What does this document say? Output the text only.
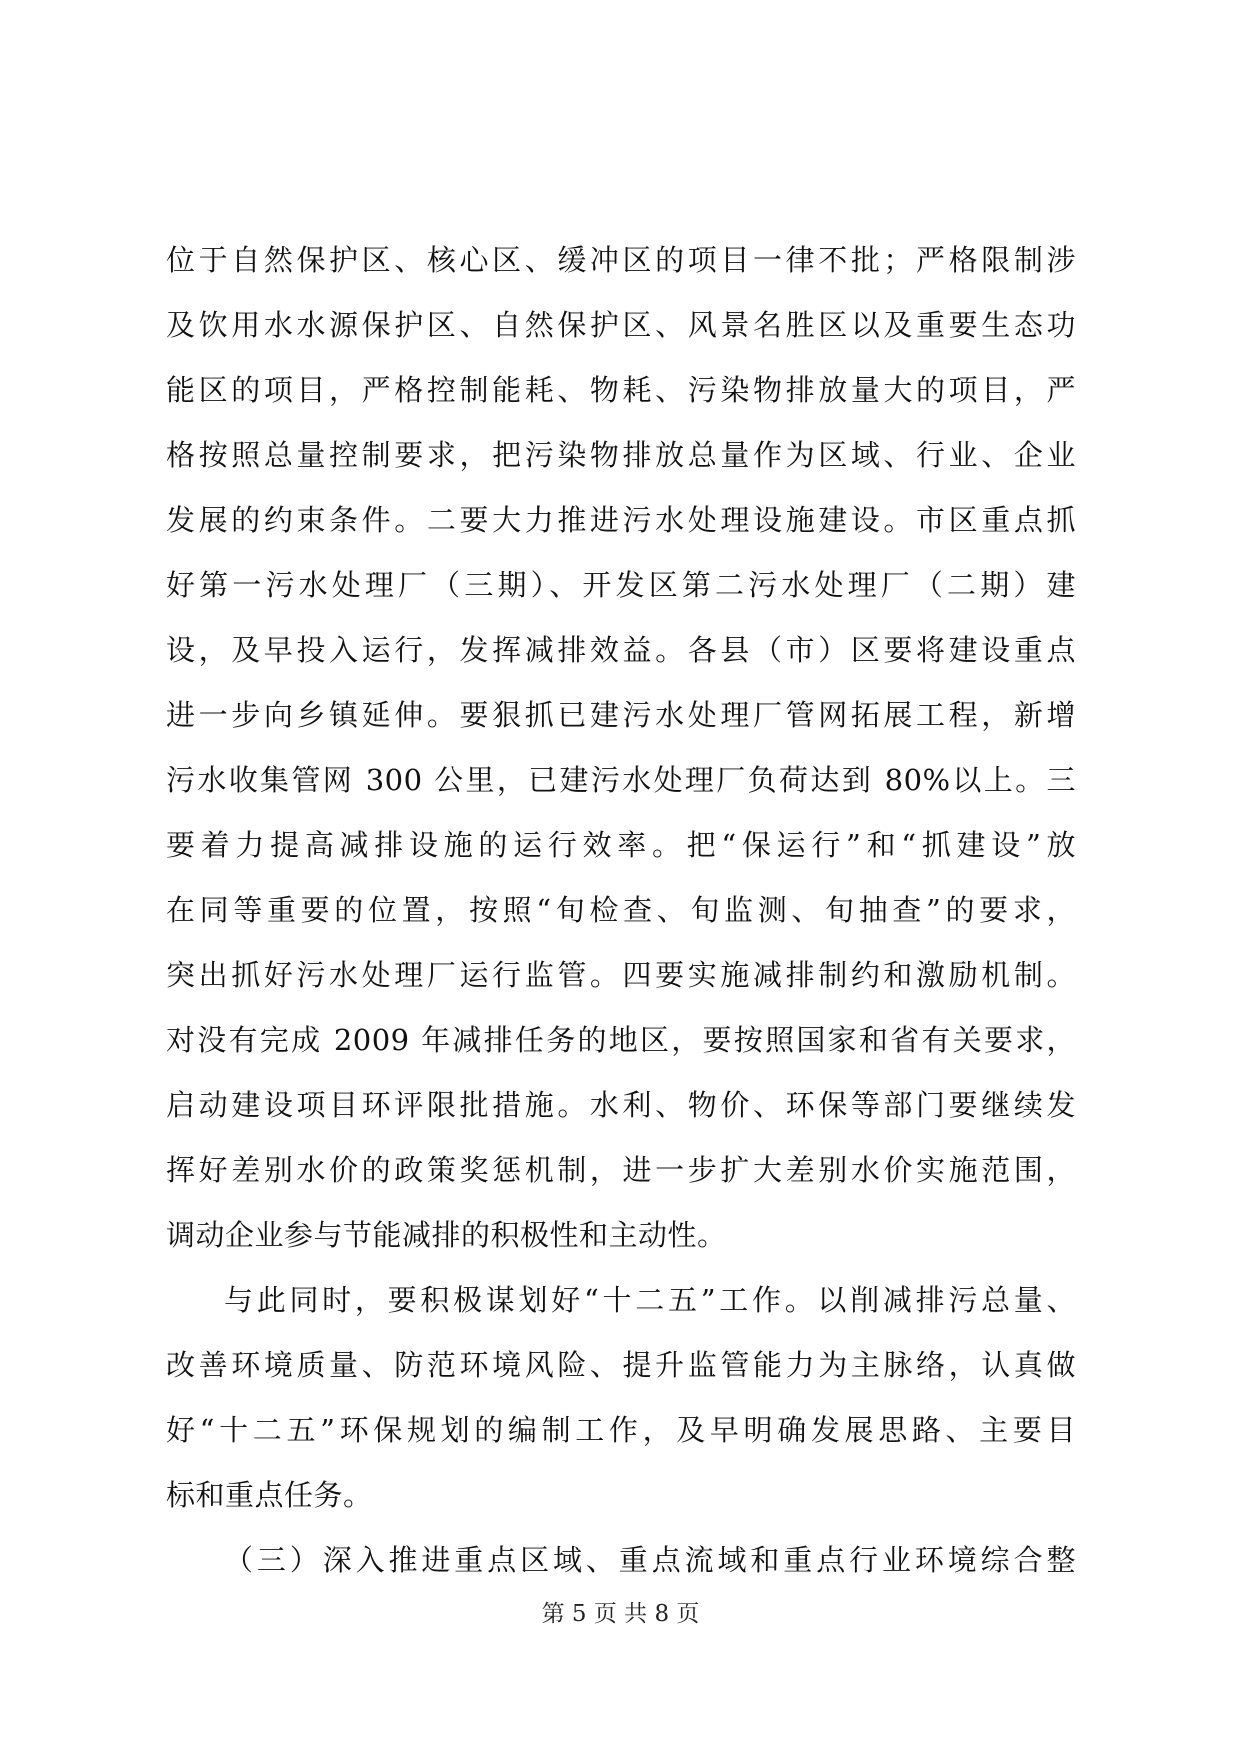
位于自然保护区、核心区、缓冲区的项目一律不批；严格限制涉
及饮用水水源保护区、自然保护区、风景名胜区以及重要生态功
能区的项目，严格控制能耗、物耗、污染物排放量大的项目，严
格按照总量控制要求，把污染物排放总量作为区域、行业、企业
发展的约束条件。二要大力推进污水处理设施建设。市区重点抓
好第一污水处理厂（三期）、开发区第二污水处理厂（二期）建
设，及早投入运行，发挥减排效益。各县（市）区要将建设重点
进一步向乡镇延伸。要狠抓已建污水处理厂管网拓展工程，新增
污水收集管网 300 公里，已建污水处理厂负荷达到 80%以上。三
要着力提高减排设施的运行效率。把“保运行”和“抓建设”放
在同等重要的位置，按照“旬检查、旬监测、旬抽查”的要求，
突出抓好污水处理厂运行监管。四要实施减排制约和激励机制。
对没有完成 2009 年减排任务的地区，要按照国家和省有关要求，
启动建设项目环评限批措施。水利、物价、环保等部门要继续发
挥好差别水价的政策奖惩机制，进一步扩大差别水价实施范围，
调动企业参与节能减排的积极性和主动性。
与此同时，要积极谋划好“十二五”工作。以削减排污总量、
改善环境质量、防范环境风险、提升监管能力为主脉络，认真做
好“十二五”环保规划的编制工作，及早明确发展思路、主要目
标和重点任务。
（三）深入推进重点区域、重点流域和重点行业环境综合整
第 5 页 共 8 页
